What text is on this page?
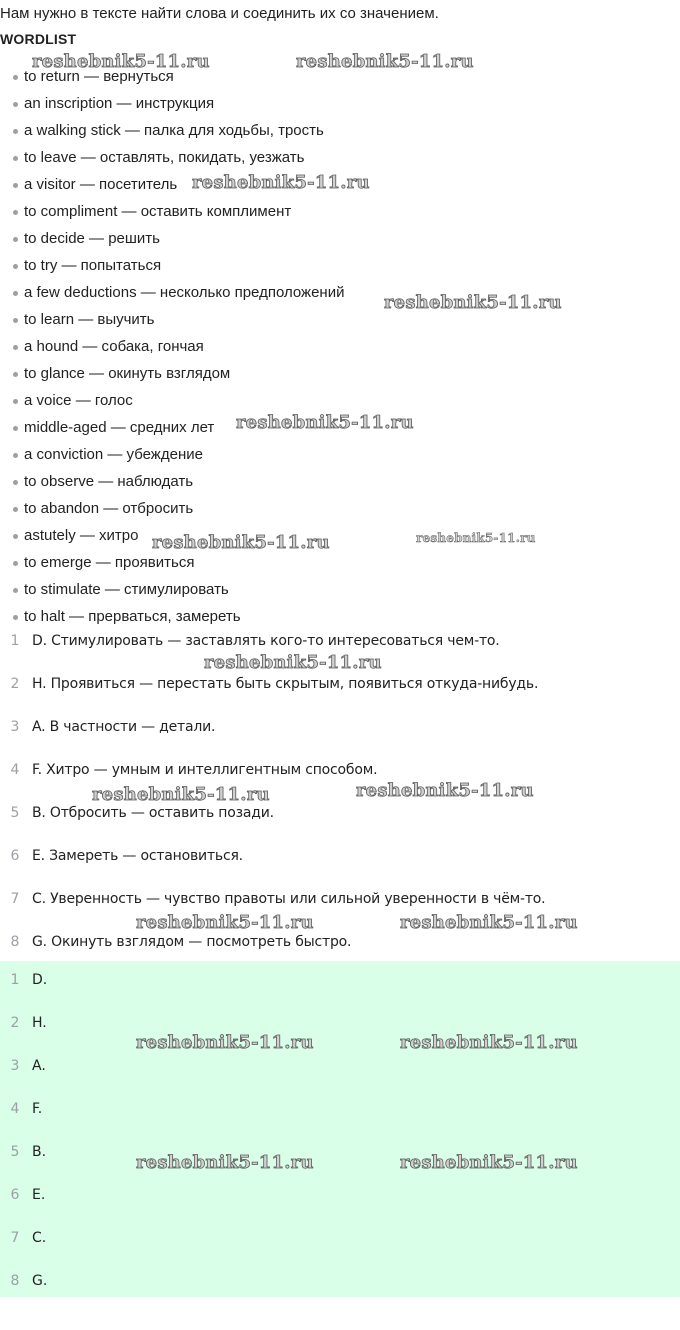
Нам нужно в тексте найти слова и соединить их со значением.

WORDLIST

to return — вернуться
an inscription — инструкция
a walking stick — палка для ходьбы, трость
to leave — оставлять, покидать, уезжать
a visitor — посетитель
to compliment — оставить комплимент
to decide — решить
to try — попытаться
a few deductions — несколько предположений
to learn — выучить
a hound — собака, гончая
to glance — окинуть взглядом
a voice — голос
middle-aged — средних лет
a conviction — убеждение
to observe — наблюдать
to abandon — отбросить
astutely — хитро
to emerge — проявиться
to stimulate — стимулировать
to halt — прерваться, замереть
1 D. Стимулировать — заставлять кого-то интересоваться чем-то.
2 H. Проявиться — перестать быть скрытым, появиться откуда-нибудь.
3 A. В частности — детали.
4 F. Хитро — умным и интеллигентным способом.
5 B. Отбросить — оставить позади.
6 E. Замереть — остановиться.
7 C. Уверенность — чувство правоты или сильной уверенности в чём-то.
8 G. Окинуть взглядом — посмотреть быстро.
1 D.
2 H.
3 A.
4 F.
5 B.
6 E.
7 C.
8 G.
reshebnik5-11.ru	reshebnik5-11.ru
reshebnik5-11.ru
reshebnik5-11.ru
reshebnik5-11.ru
reshebnik5-11.ru	reshebnik5-11.ru
reshebnik5-11.ru
reshebnik5-11.ru	reshebnik5-11.ru
reshebnik5-11.ru	reshebnik5-11.ru
reshebnik5-11.ru	reshebnik5-11.ru
reshebnik5-11.ru	reshebnik5-11.ru
